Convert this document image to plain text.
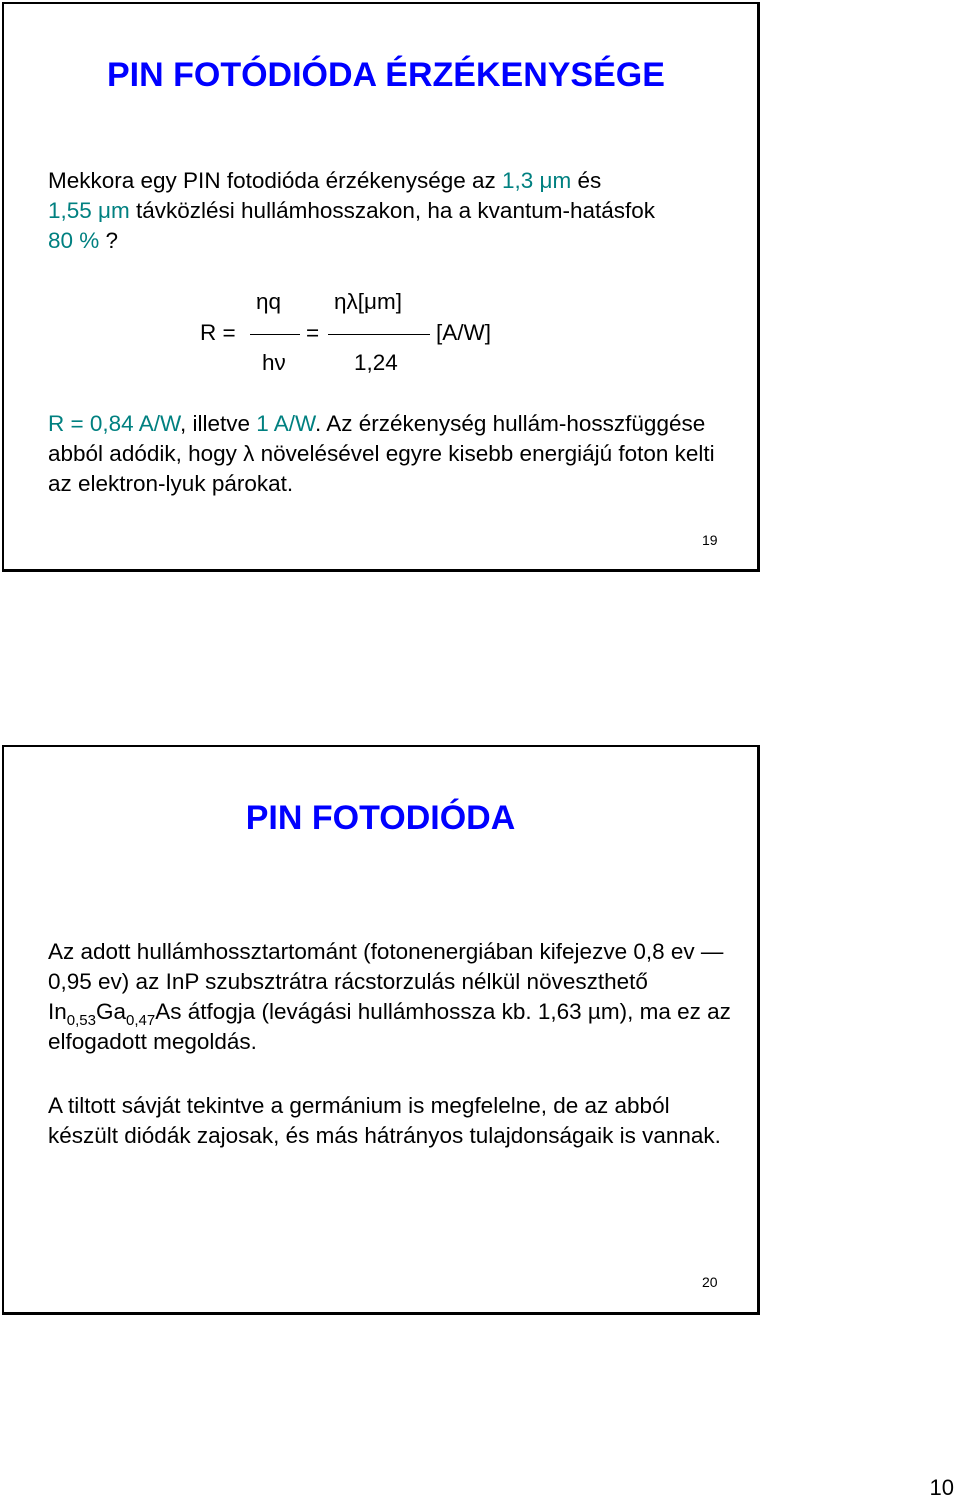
PIN FOTÓDIÓDA ÉRZÉKENYSÉGE

Mekkora egy PIN fotodióda érzékenysége az 1,3 μm és
1,55 μm távközlési hullámhosszakon, ha a kvantum-hatásfok
80 % ?

R =
ηq
hν
=
ηλ[μm]
1,24
[A/W]

R = 0,84 A/W, illetve 1 A/W. Az érzékenység hullám-hosszfüggése abból adódik, hogy λ növelésével egyre kisebb energiájú foton kelti az elektron-lyuk párokat.

19
PIN FOTODIÓDA

Az adott hullámhossztartománt (fotonenergiában kifejezve 0,8 ev — 0,95 ev) az InP szubsztrátra rácstorzulás nélkül növeszthető $In_{0,53}Ga_{0,47}As$ átfogja (levágási hullámhossza kb. 1,63 µm), ma ez az elfogadott megoldás.

A tiltott sávját tekintve a germánium is megfelelne, de az abból készült diódák zajosak, és más hátrányos tulajdonságaik is vannak.

20
10
